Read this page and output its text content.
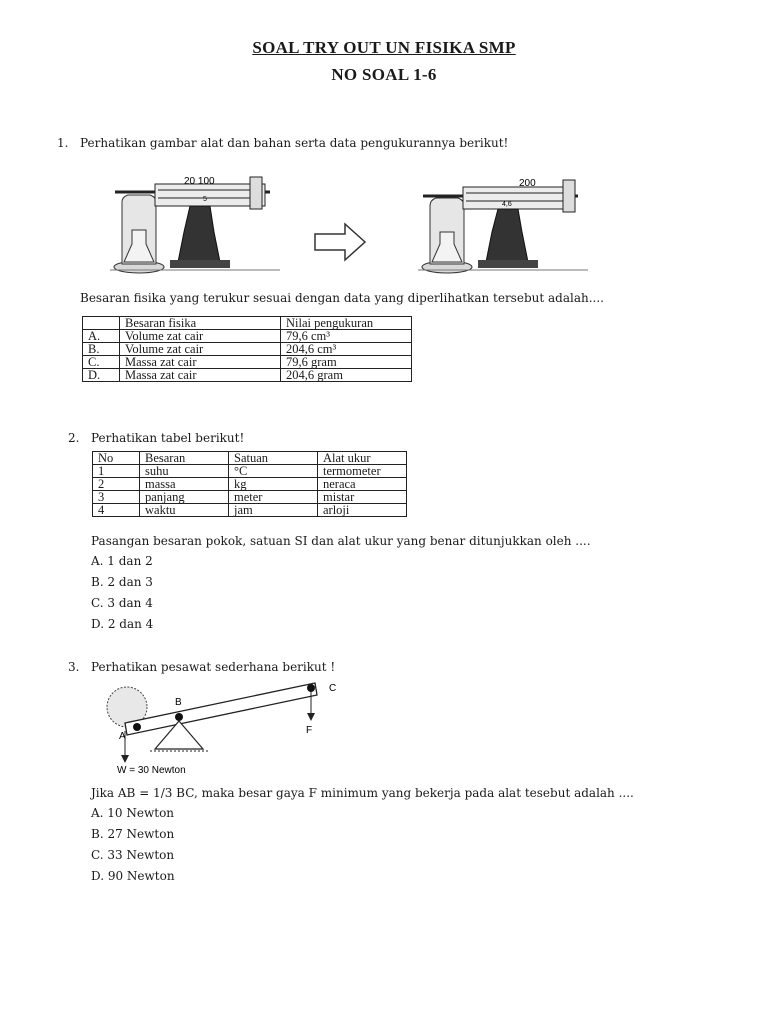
SOAL TRY OUT UN FISIKA SMP
NO SOAL 1-6
1. Perhatikan gambar alat dan bahan serta data pengukurannya berikut!
20 100
5
200
4,6
Besaran fisika yang terukur sesuai dengan data yang diperlihatkan tersebut adalah....
	Besaran fisika	Nilai pengukuran
A.	Volume zat cair	79,6 cm³
B.	Volume zat cair	204,6 cm³
C.	Massa zat cair	79,6 gram
D.	Massa zat cair	204,6 gram
2. Perhatikan tabel berikut!
No	Besaran	Satuan	Alat ukur
1	suhu	°C	termometer
2	massa	kg	neraca
3	panjang	meter	mistar
4	waktu	jam	arloji
Pasangan besaran pokok, satuan SI dan alat ukur yang benar ditunjukkan oleh ....
A. 1 dan 2
B. 2 dan 3
C. 3 dan 4
D. 2 dan 4
3. Perhatikan pesawat sederhana berikut !
A
B
C
F
W = 30 Newton
Jika AB = 1/3 BC, maka besar gaya F minimum yang bekerja pada alat tesebut adalah ....
A. 10 Newton
B. 27 Newton
C. 33 Newton
D. 90 Newton
